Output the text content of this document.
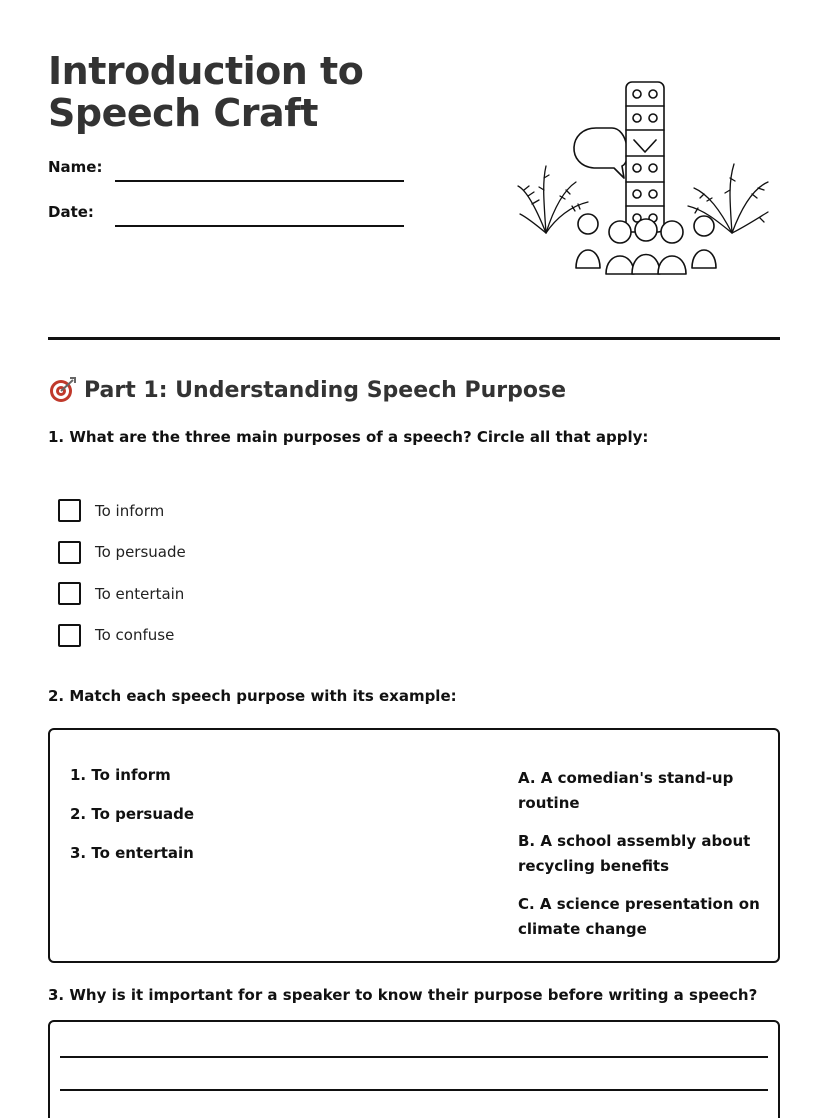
Introduction to Speech Craft
Name:
Date:
Part 1: Understanding Speech Purpose
1. What are the three main purposes of a speech? Circle all that apply:
To inform
To persuade
To entertain
To confuse
2. Match each speech purpose with its example:
1. To inform
2. To persuade
3. To entertain
A. A comedian's stand-up routine
B. A school assembly about recycling benefits
C. A science presentation on climate change
3. Why is it important for a speaker to know their purpose before writing a speech?
